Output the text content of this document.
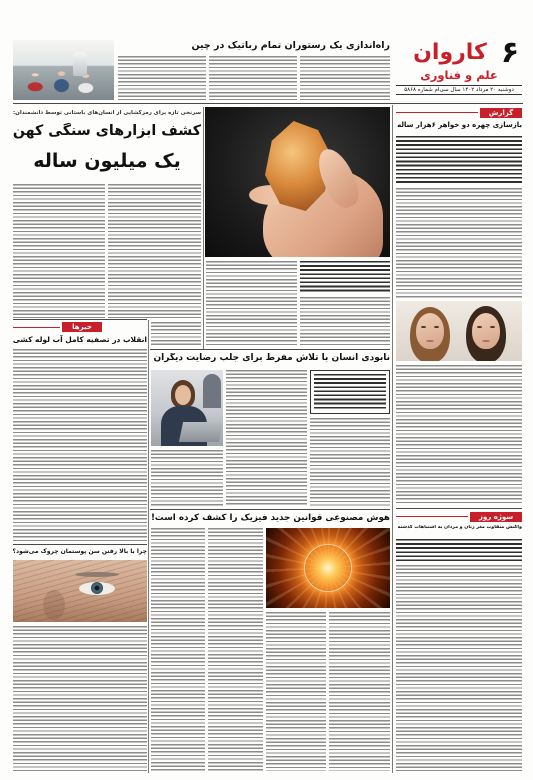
۶
کاروان
علم و فناوری
دوشنبه ۲۰ مرداد ۱۴۰۲ سال سی‌ام شماره ۵۸۶۸
راه‌اندازی یک رستوران تمام رباتیک در چین
سرنخی تازه برای رمزگشایی از انسان‌های باستانی توسط دانشمندان:
کشف ابزارهای سنگی کهن
یک میلیون ساله
خبرها
انقلاب در تصفیه کامل آب لوله کشی
چرا با بالا رفتن سن پوستمان چروک می‌شود؟
نابودی انسان با تلاش مفرط برای جلب رضایت دیگران
هوش مصنوعی قوانین جدید فیزیک را کشف کرده است!
گزارش
بازسازی چهره دو خواهر ۶هزار ساله
سوژه روز
واکنش متفاوت مغز زنان و مردان به اشتباهات گذشته
